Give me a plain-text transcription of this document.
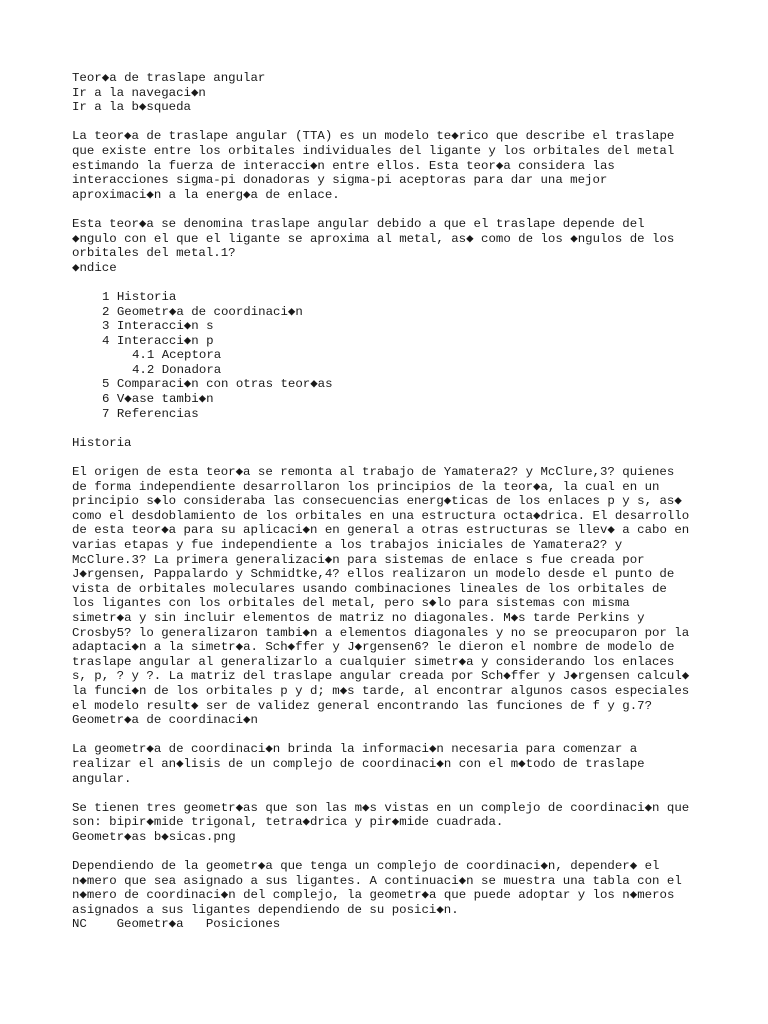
Teor◆a de traslape angular
Ir a la navegaci◆n
Ir a la b◆squeda
La teor◆a de traslape angular (TTA) es un modelo te◆rico que describe el traslape
que existe entre los orbitales individuales del ligante y los orbitales del metal
estimando la fuerza de interacci◆n entre ellos. Esta teor◆a considera las
interacciones sigma-pi donadoras y sigma-pi aceptoras para dar una mejor
aproximaci◆n a la energ◆a de enlace.
Esta teor◆a se denomina traslape angular debido a que el traslape depende del
◆ngulo con el que el ligante se aproxima al metal, as◆ como de los ◆ngulos de los
orbitales del metal.1?
◆ndice
1 Historia
2 Geometr◆a de coordinaci◆n
3 Interacci◆n s
4 Interacci◆n p
4.1 Aceptora
4.2 Donadora
5 Comparaci◆n con otras teor◆as
6 V◆ase tambi◆n
7 Referencias
Historia
El origen de esta teor◆a se remonta al trabajo de Yamatera2? y McClure,3? quienes
de forma independiente desarrollaron los principios de la teor◆a, la cual en un
principio s◆lo consideraba las consecuencias energ◆ticas de los enlaces p y s, as◆
como el desdoblamiento de los orbitales en una estructura octa◆drica. El desarrollo
de esta teor◆a para su aplicaci◆n en general a otras estructuras se llev◆ a cabo en
varias etapas y fue independiente a los trabajos iniciales de Yamatera2? y
McClure.3? La primera generalizaci◆n para sistemas de enlace s fue creada por
J◆rgensen, Pappalardo y Schmidtke,4? ellos realizaron un modelo desde el punto de
vista de orbitales moleculares usando combinaciones lineales de los orbitales de
los ligantes con los orbitales del metal, pero s◆lo para sistemas con misma
simetr◆a y sin incluir elementos de matriz no diagonales. M◆s tarde Perkins y
Crosby5? lo generalizaron tambi◆n a elementos diagonales y no se preocuparon por la
adaptaci◆n a la simetr◆a. Sch◆ffer y J◆rgensen6? le dieron el nombre de modelo de
traslape angular al generalizarlo a cualquier simetr◆a y considerando los enlaces
s, p, ? y ?. La matriz del traslape angular creada por Sch◆ffer y J◆rgensen calcul◆
la funci◆n de los orbitales p y d; m◆s tarde, al encontrar algunos casos especiales
el modelo result◆ ser de validez general encontrando las funciones de f y g.7?
Geometr◆a de coordinaci◆n
La geometr◆a de coordinaci◆n brinda la informaci◆n necesaria para comenzar a
realizar el an◆lisis de un complejo de coordinaci◆n con el m◆todo de traslape
angular.
Se tienen tres geometr◆as que son las m◆s vistas en un complejo de coordinaci◆n que
son: bipir◆mide trigonal, tetra◆drica y pir◆mide cuadrada.
Geometr◆as b◆sicas.png
Dependiendo de la geometr◆a que tenga un complejo de coordinaci◆n, depender◆ el
n◆mero que sea asignado a sus ligantes. A continuaci◆n se muestra una tabla con el
n◆mero de coordinaci◆n del complejo, la geometr◆a que puede adoptar y los n◆meros
asignados a sus ligantes dependiendo de su posici◆n.
NC    Geometr◆a   Posiciones
